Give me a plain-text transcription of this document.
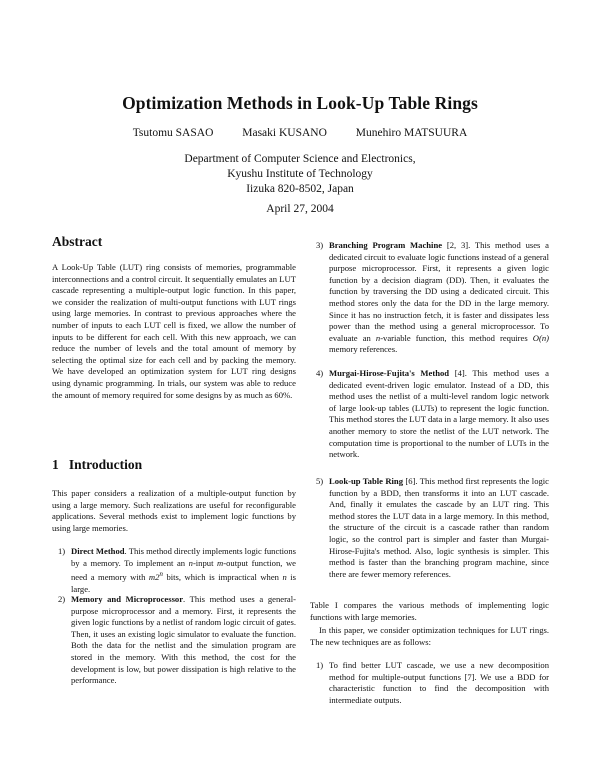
Optimization Methods in Look-Up Table Rings
Tsutomu SASAO	Masaki KUSANO	Munehiro MATSUURA
Department of Computer Science and Electronics,
Kyushu Institute of Technology
Iizuka 820-8502, Japan
April 27, 2004
Abstract
A Look-Up Table (LUT) ring consists of memories, programmable interconnections and a control circuit. It sequentially emulates an LUT cascade representing a multiple-output logic function. In this paper, we consider the realization of multi-output functions with LUT rings using large memories. In contrast to previous approaches where the number of inputs to each LUT cell is fixed, we allow the number of inputs to be different for each cell. With this new approach, we can reduce the number of levels and the total amount of memory by selecting the optimal size for each cell and by packing the memory. We have developed an optimization system for LUT ring designs using dynamic programming. In trials, our system was able to reduce the amount of memory required for some designs by as much as 60%.
1 Introduction
This paper considers a realization of a multiple-output function by using a large memory. Such realizations are useful for reconfigurable applications. Several methods exist to implement logic functions by using large memories.
1) Direct Method. This method directly implements logic functions by a memory. To implement an n-input m-output function, we need a memory with m2$^n$ bits, which is impractical when n is large.
2) Memory and Microprocessor. This method uses a general-purpose microprocessor and a memory. First, it represents the given logic functions by a netlist of random logic circuit of gates. Then, it uses an existing logic simulator to evaluate the function. Both the data for the netlist and the simulation program are stored in the memory. With this method, the cost for the development is low, but power dissipation is high relative to the performance.
3) Branching Program Machine [2, 3]. This method uses a dedicated circuit to evaluate logic functions instead of a general purpose microprocessor. First, it represents a given logic function by a decision diagram (DD). Then, it evaluates the function by traversing the DD using a dedicated circuit. This method stores only the data for the DD in the large memory. Since it has no instruction fetch, it is faster and dissipates less power than the method using a general microprocessor. To evaluate an n-variable function, this method requires O(n) memory references.
4) Murgai-Hirose-Fujita's Method [4]. This method uses a dedicated event-driven logic emulator. Instead of a DD, this method uses the netlist of a multi-level random logic network of large look-up tables (LUTs) to represent the logic function. This method stores the LUT data in a large memory. It also uses another memory to store the netlist of the LUT network. The computation time is proportional to the number of LUTs in the network.
5) Look-up Table Ring [6]. This method first represents the logic function by a BDD, then transforms it into an LUT cascade. And, finally it emulates the cascade by an LUT ring. This method stores the LUT data in a large memory. In this method, the structure of the circuit is a cascade rather than random logic, so the control part is simpler and faster than Murgai-Hirose-Fujita's method. Also, logic synthesis is simpler. This method is faster than the branching program machine, since there are fewer memory references.
Table I compares the various methods of implementing logic functions with large memories.
In this paper, we consider optimization techniques for LUT rings. The new techniques are as follows:
1) To find better LUT cascade, we use a new decomposition method for multiple-output functions [7]. We use a BDD for characteristic function to find the decomposition with intermediate outputs.
